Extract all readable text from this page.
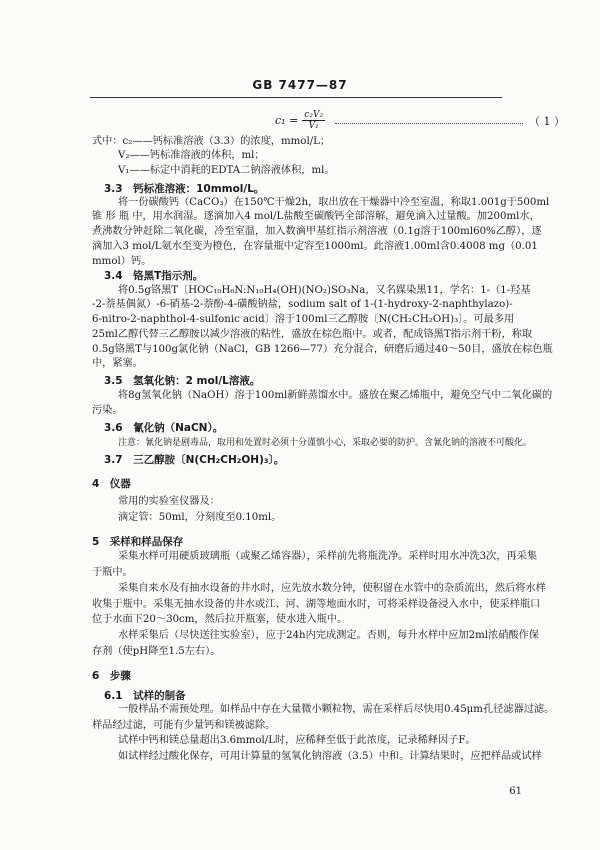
GB 7477—87
$c_1 = \frac{\text{c₂V₂}}{\text{V₁}}$	（ 1 ）
式中：c₂——钙标准溶液（3.3）的浓度，mmol/L；
V₂——钙标准溶液的体积，ml；
V₁——标定中消耗的EDTA二钠溶液体积，ml。
3.3　钙标准溶液：10mmol/L。
将一份碳酸钙（CaCO₃）在150℃干燥2h，取出放在干燥器中冷至室温，称取1.001g于500ml
锥 形 瓶 中，用水润湿。逐滴加入4 mol/L盐酸至碳酸钙全部溶解，避免滴入过量酸。加200ml水，
煮沸数分钟赶除二氧化碳，冷至室温，加入数滴甲基红指示剂溶液（0.1g溶于100ml60%乙醇），逐
滴加入3 mol/L氨水至变为橙色，在容量瓶中定容至1000ml。此溶液1.00ml含0.4008 mg（0.01
mmol）钙。
3.4　铬黑T指示剂。
将0.5g铬黑T〔HOC₁₀H₆N:N₁₀H₄(OH)(NO₂)SO₃Na，又名媒染黑11，学名：1-（1-羟基
-2-萘基偶氮）-6-硝基-2-萘酚-4-磺酸钠盐，sodium salt of 1-(1-hydroxy-2-naphthylazo)-
6-nitro-2-naphthol-4-sulfonic acid〕溶于100ml三乙醇胺〔N(CH₂CH₂OH)₃〕。可最多用
25ml乙醇代替三乙醇胺以减少溶液的粘性，盛放在棕色瓶中。或者，配成铬黑T指示剂干粉，称取
0.5g铬黑T与100g氯化钠（NaCl，GB 1266—77）充分混合，研磨后通过40～50目，盛放在棕色瓶
中，紧塞。
3.5　氢氧化钠：2 mol/L溶液。
将8g氢氧化钠（NaOH）溶于100ml新鲜蒸馏水中。盛放在聚乙烯瓶中，避免空气中二氧化碳的
污染。
3.6　氰化钠（NaCN）。
注意：氰化钠是剧毒品，取用和处置时必须十分谨慎小心，采取必要的防护。含氰化钠的溶液不可酸化。
3.7　三乙醇胺〔N(CH₂CH₂OH)₃〕。
4　仪器
常用的实验室仪器及：
滴定管：50ml，分刻度至0.10ml。
5　采样和样品保存
采集水样可用硬质玻璃瓶（或聚乙烯容器），采样前先将瓶洗净。采样时用水冲洗3次，再采集
于瓶中。
采集自来水及有抽水设备的井水时，应先放水数分钟，使积留在水管中的杂质流出，然后将水样
收集于瓶中。采集无抽水设备的井水或江、河、湖等地面水时，可将采样设备浸入水中，使采样瓶口
位于水面下20～30cm，然后拉开瓶塞，使水进入瓶中。
水样采集后（尽快送往实验室），应于24h内完成测定。否则，每升水样中应加2ml浓硝酸作保
存剂（使pH降至1.5左右）。
6　步骤
6.1　试样的制备
一般样品不需预处理。如样品中存在大量微小颗粒物，需在采样后尽快用0.45μm孔径滤器过滤。
样品经过滤，可能有少量钙和镁被滤除。
试样中钙和镁总量超出3.6mmol/L时，应稀释至低于此浓度，记录稀释因子F。
如试样经过酸化保存，可用计算量的氢氧化钠溶液（3.5）中和。计算结果时，应把样品或试样
61
